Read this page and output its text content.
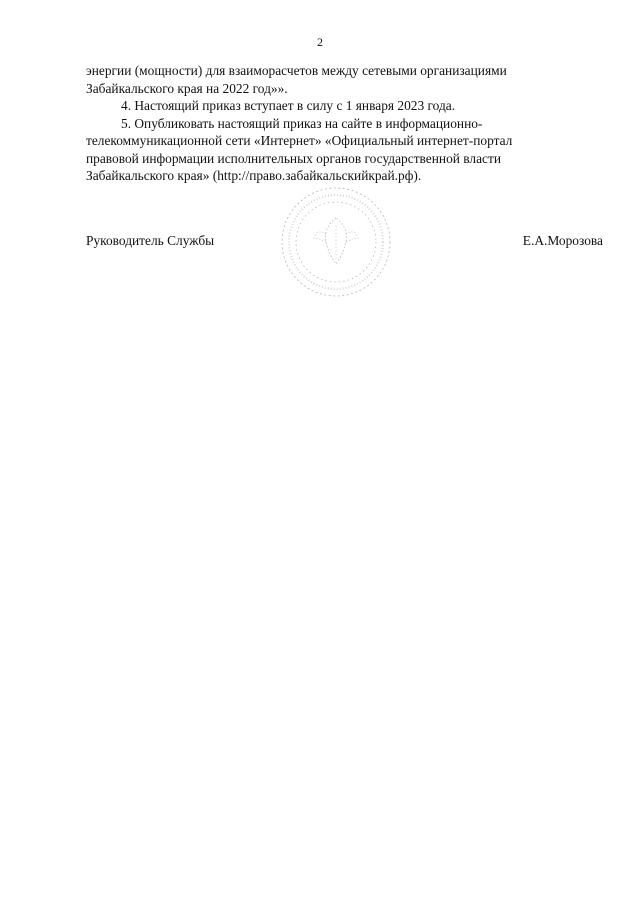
2

энергии (мощности) для взаиморасчетов между сетевыми организациями

Забайкальского края на 2022 год»».

4. Настоящий приказ вступает в силу с 1 января 2023 года.

5. Опубликовать настоящий приказ на сайте в информационно-

телекоммуникационной сети «Интернет» «Официальный интернет-портал

правовой информации исполнительных органов государственной власти

Забайкальского края» (http://право.забайкальскийкрай.рф).

Руководитель Службы	Е.А.Морозова
